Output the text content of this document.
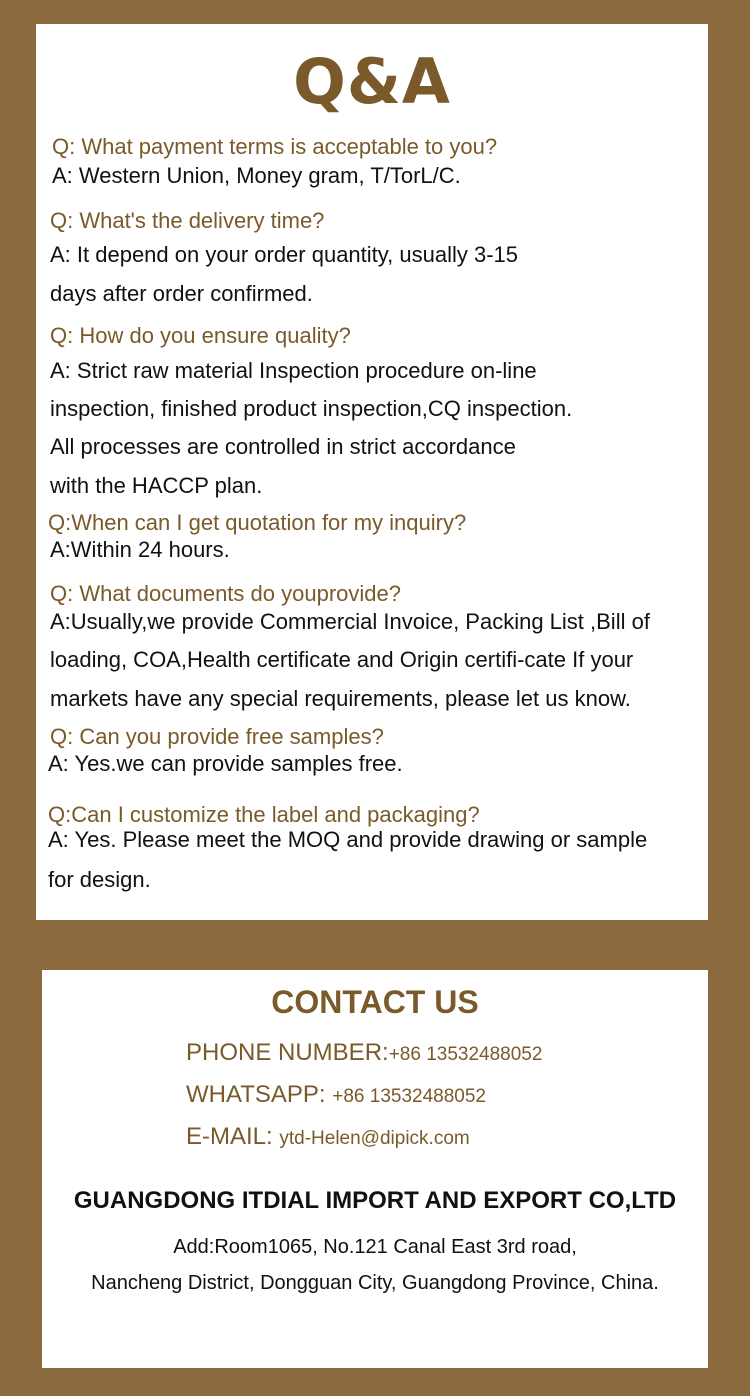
Q&A
Q: What payment terms is acceptable to you?
A: Western Union, Money gram, T/TorL/C.
Q: What's the delivery time?
A: It depend on your order quantity, usually 3-15
days after order confirmed.
Q: How do you ensure quality?
A: Strict raw material Inspection procedure on-line
inspection, finished product inspection,CQ inspection.
All processes are controlled in strict accordance
with the HACCP plan.
Q:When can I get quotation for my inquiry?
A:Within 24 hours.
Q: What documents do youprovide?
A:Usually,we provide Commercial Invoice, Packing List ,Bill of
loading, COA,Health certificate and Origin certifi-cate If your
markets have any special requirements, please let us know.
Q: Can you provide free samples?
A: Yes.we can provide samples free.
Q:Can I customize the label and packaging?
A: Yes. Please meet the MOQ and provide drawing or sample
for design.
CONTACT US
PHONE NUMBER:+86 13532488052
WHATSAPP: +86 13532488052
E-MAIL: ytd-Helen@dipick.com
GUANGDONG ITDIAL IMPORT AND EXPORT CO,LTD
Add:Room1065, No.121 Canal East 3rd road,
Nancheng District, Dongguan City, Guangdong Province, China.
